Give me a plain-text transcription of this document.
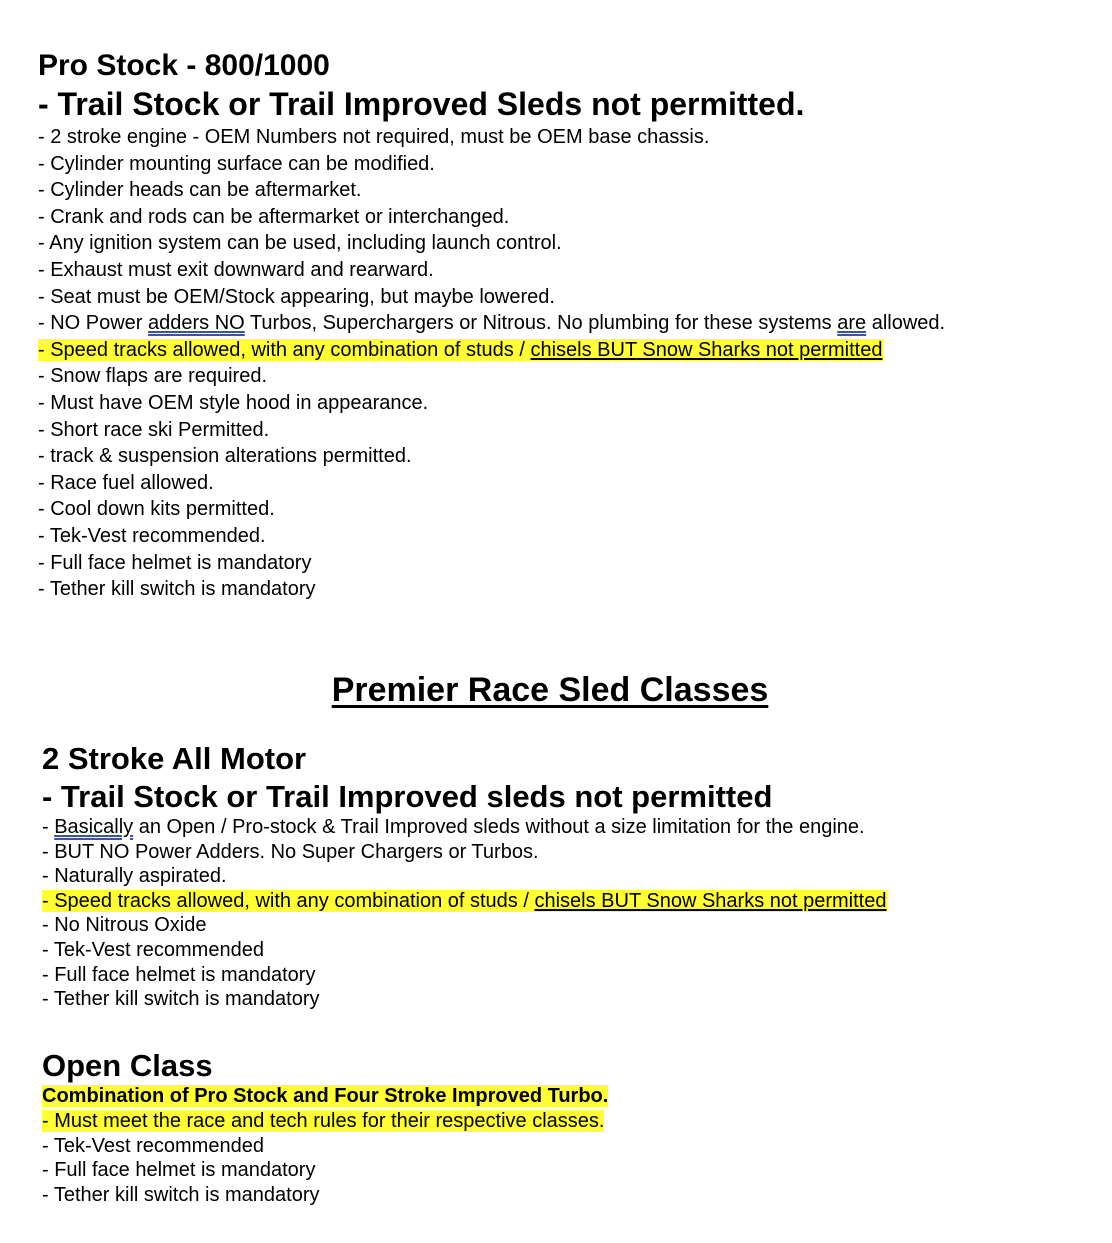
Pro Stock - 800/1000
- Trail Stock or Trail Improved Sleds not permitted.
- 2 stroke engine - OEM Numbers not required, must be OEM base chassis.
- Cylinder mounting surface can be modified.
- Cylinder heads can be aftermarket.
- Crank and rods can be aftermarket or interchanged.
- Any ignition system can be used, including launch control.
- Exhaust must exit downward and rearward.
- Seat must be OEM/Stock appearing, but maybe lowered.
- NO Power adders NO Turbos, Superchargers or Nitrous. No plumbing for these systems are allowed.
- Speed tracks allowed, with any combination of studs / chisels BUT Snow Sharks not permitted
- Snow flaps are required.
- Must have OEM style hood in appearance.
- Short race ski Permitted.
- track & suspension alterations permitted.
- Race fuel allowed.
- Cool down kits permitted.
- Tek-Vest recommended.
- Full face helmet is mandatory
- Tether kill switch is mandatory
Premier Race Sled Classes
2 Stroke All Motor
- Trail Stock or Trail Improved sleds not permitted
- Basically an Open / Pro-stock & Trail Improved sleds without a size limitation for the engine.
- BUT NO Power Adders. No Super Chargers or Turbos.
- Naturally aspirated.
- Speed tracks allowed, with any combination of studs / chisels BUT Snow Sharks not permitted
- No Nitrous Oxide
- Tek-Vest recommended
- Full face helmet is mandatory
- Tether kill switch is mandatory
Open Class
Combination of Pro Stock and Four Stroke Improved Turbo.
- Must meet the race and tech rules for their respective classes.
- Tek-Vest recommended
- Full face helmet is mandatory
- Tether kill switch is mandatory
